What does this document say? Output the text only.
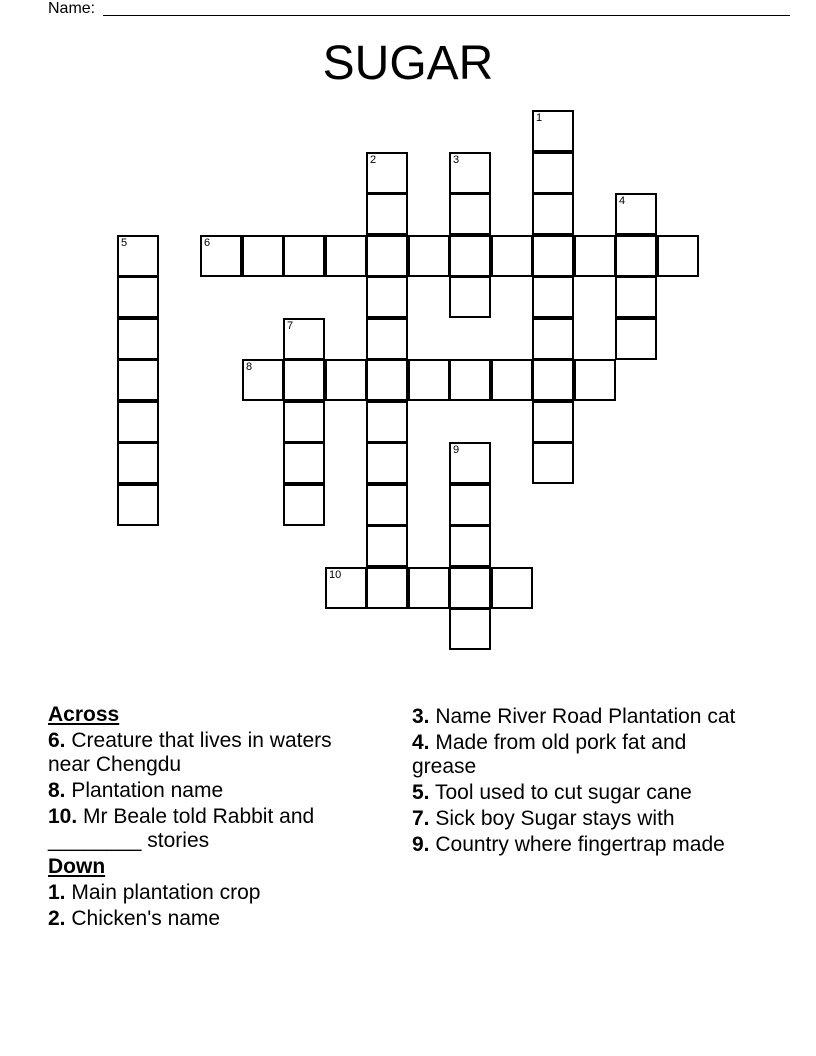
Name:
SUGAR
1
2	3
4
5	6
7
8
9
10
Across
6. Creature that lives in waters near Chengdu
8. Plantation name
10. Mr Beale told Rabbit and ________ stories
Down
1. Main plantation crop
2. Chicken's name
3. Name River Road Plantation cat
4. Made from old pork fat and grease
5. Tool used to cut sugar cane
7. Sick boy Sugar stays with
9. Country where fingertrap made
